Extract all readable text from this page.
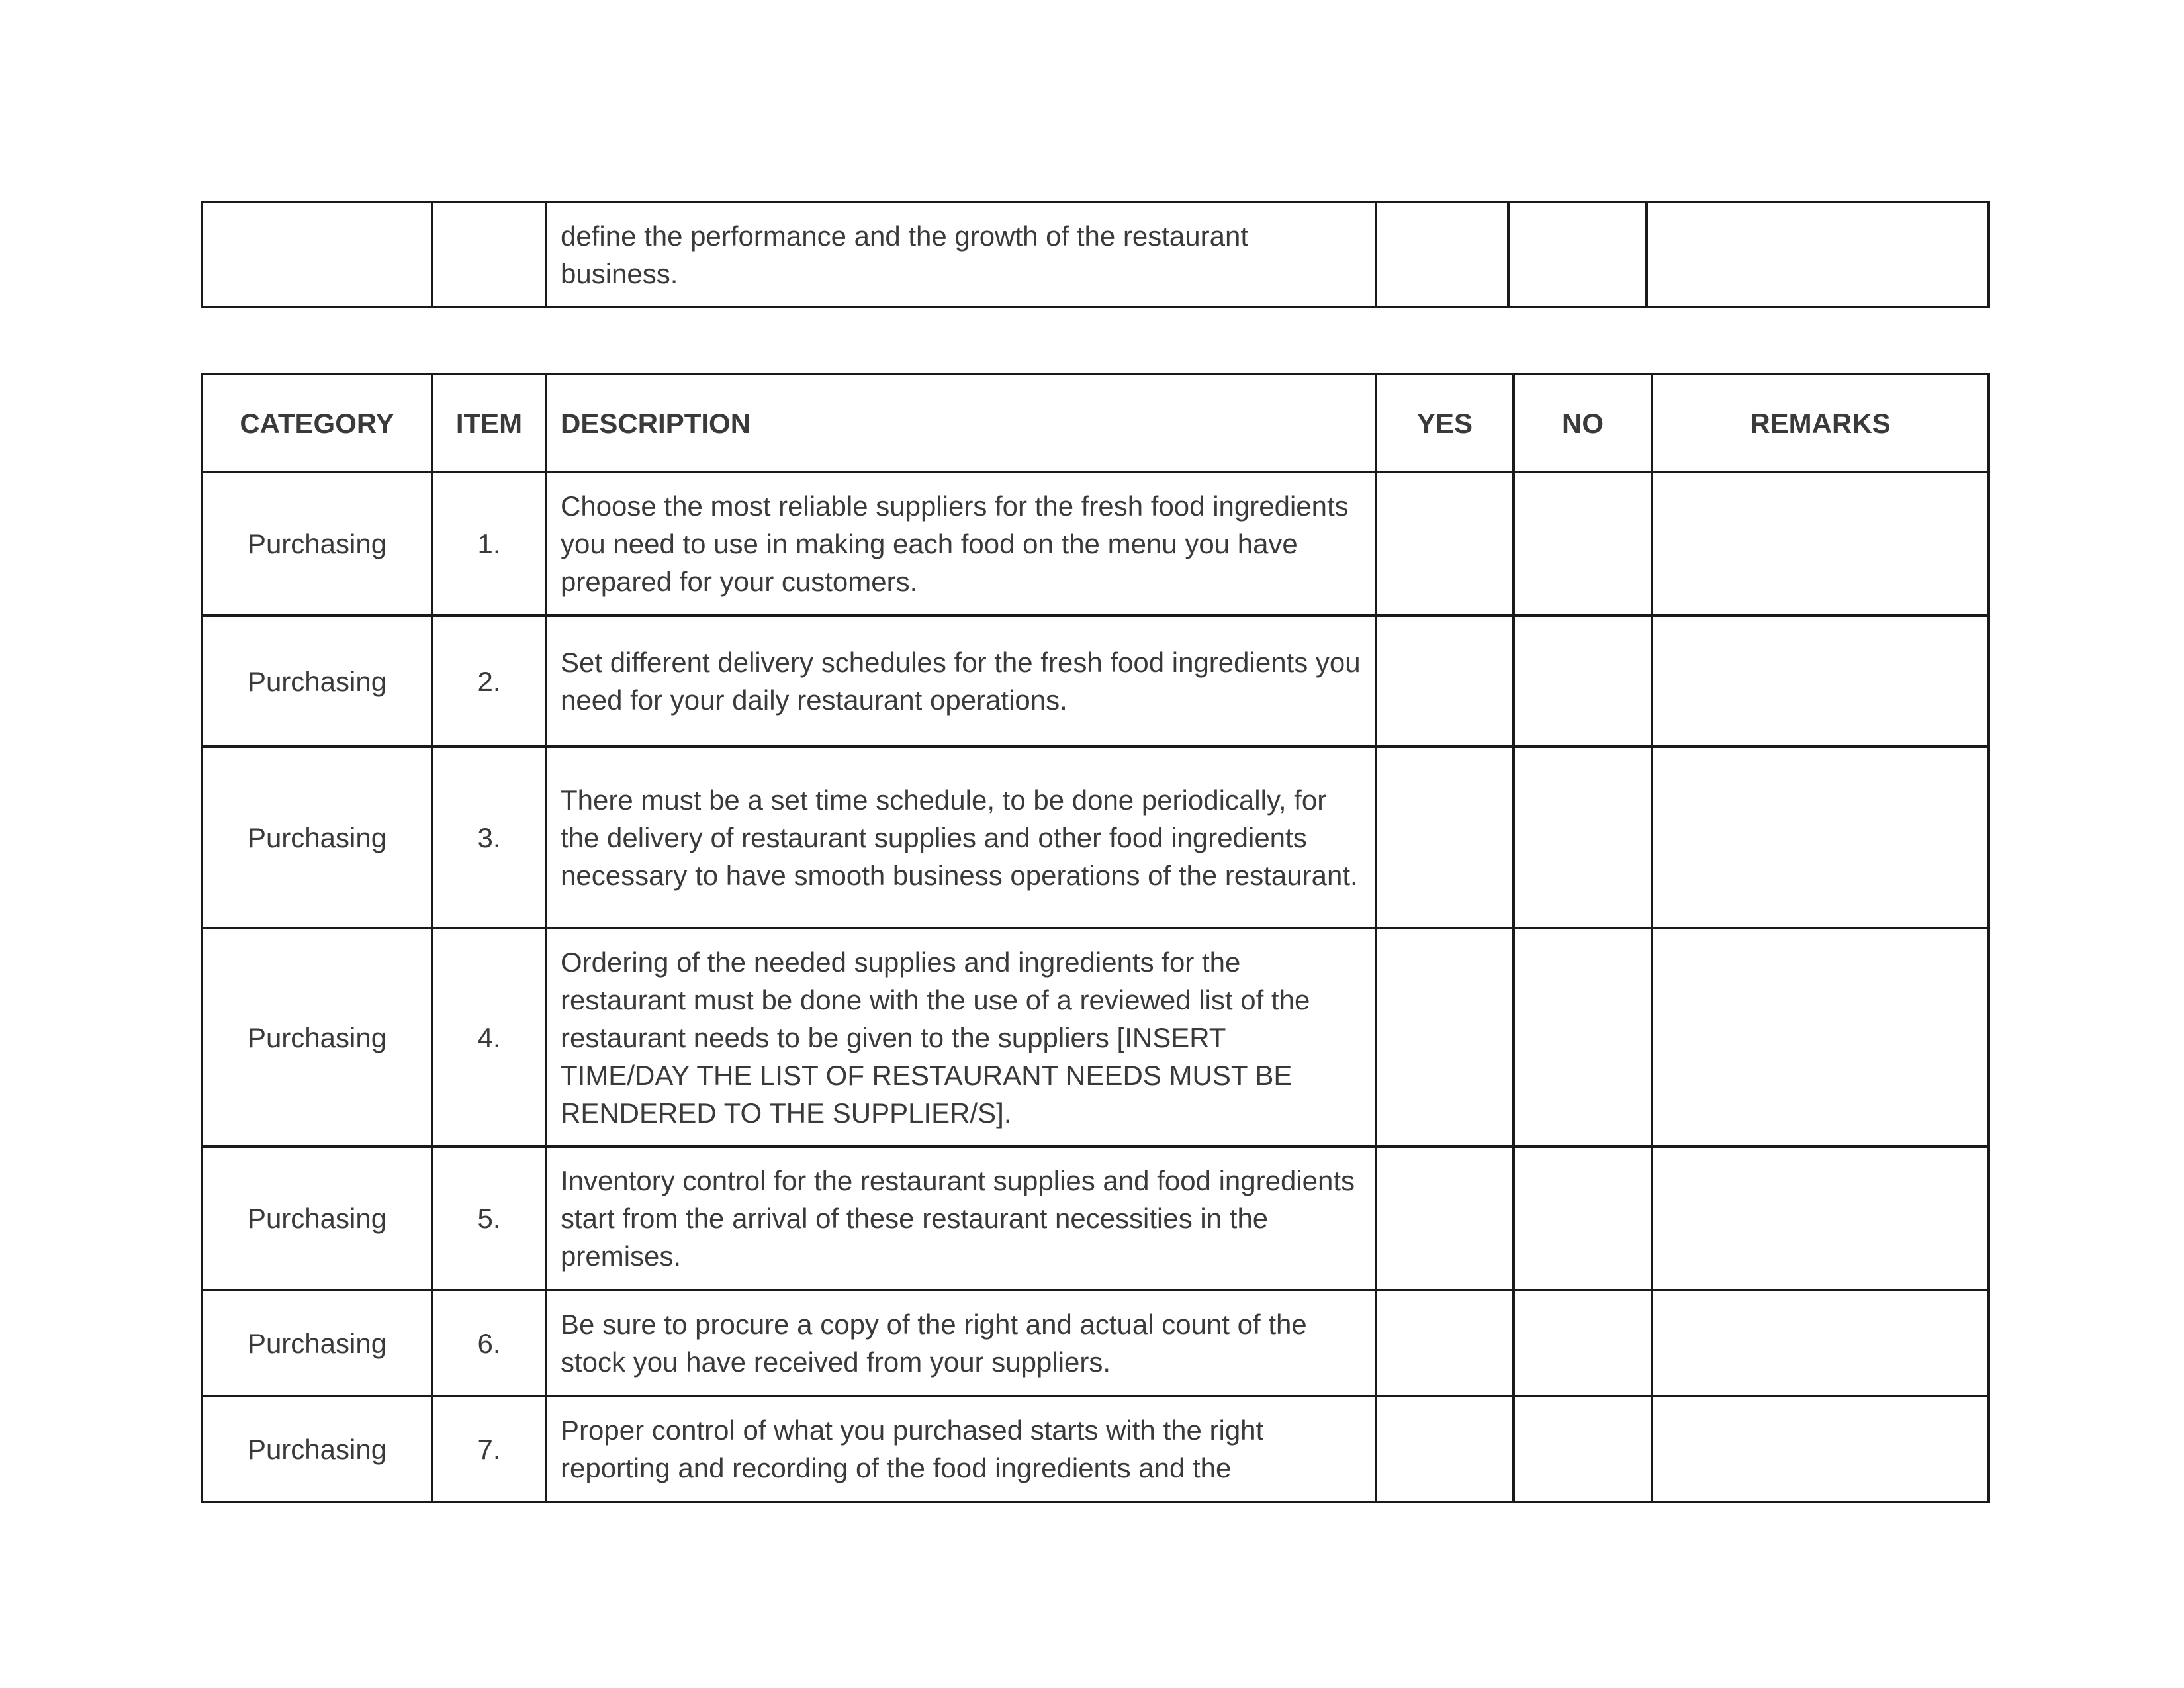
		define the performance and the growth of the restaurant business.			
CATEGORY	ITEM	DESCRIPTION	YES	NO	REMARKS
Purchasing	1.	Choose the most reliable suppliers for the fresh food ingredients you need to use in making each food on the menu you have prepared for your customers.			
Purchasing	2.	Set different delivery schedules for the fresh food ingredients you need for your daily restaurant operations.			
Purchasing	3.	There must be a set time schedule, to be done periodically, for the delivery of restaurant supplies and other food ingredients necessary to have smooth business operations of the restaurant.			
Purchasing	4.	Ordering of the needed supplies and ingredients for the restaurant must be done with the use of a reviewed list of the restaurant needs to be given to the suppliers [INSERT TIME/DAY THE LIST OF RESTAURANT NEEDS MUST BE RENDERED TO THE SUPPLIER/S].			
Purchasing	5.	Inventory control for the restaurant supplies and food ingredients start from the arrival of these restaurant necessities in the premises.			
Purchasing	6.	Be sure to procure a copy of the right and actual count of the stock you have received from your suppliers.			
Purchasing	7.	Proper control of what you purchased starts with the right reporting and recording of the food ingredients and the			
